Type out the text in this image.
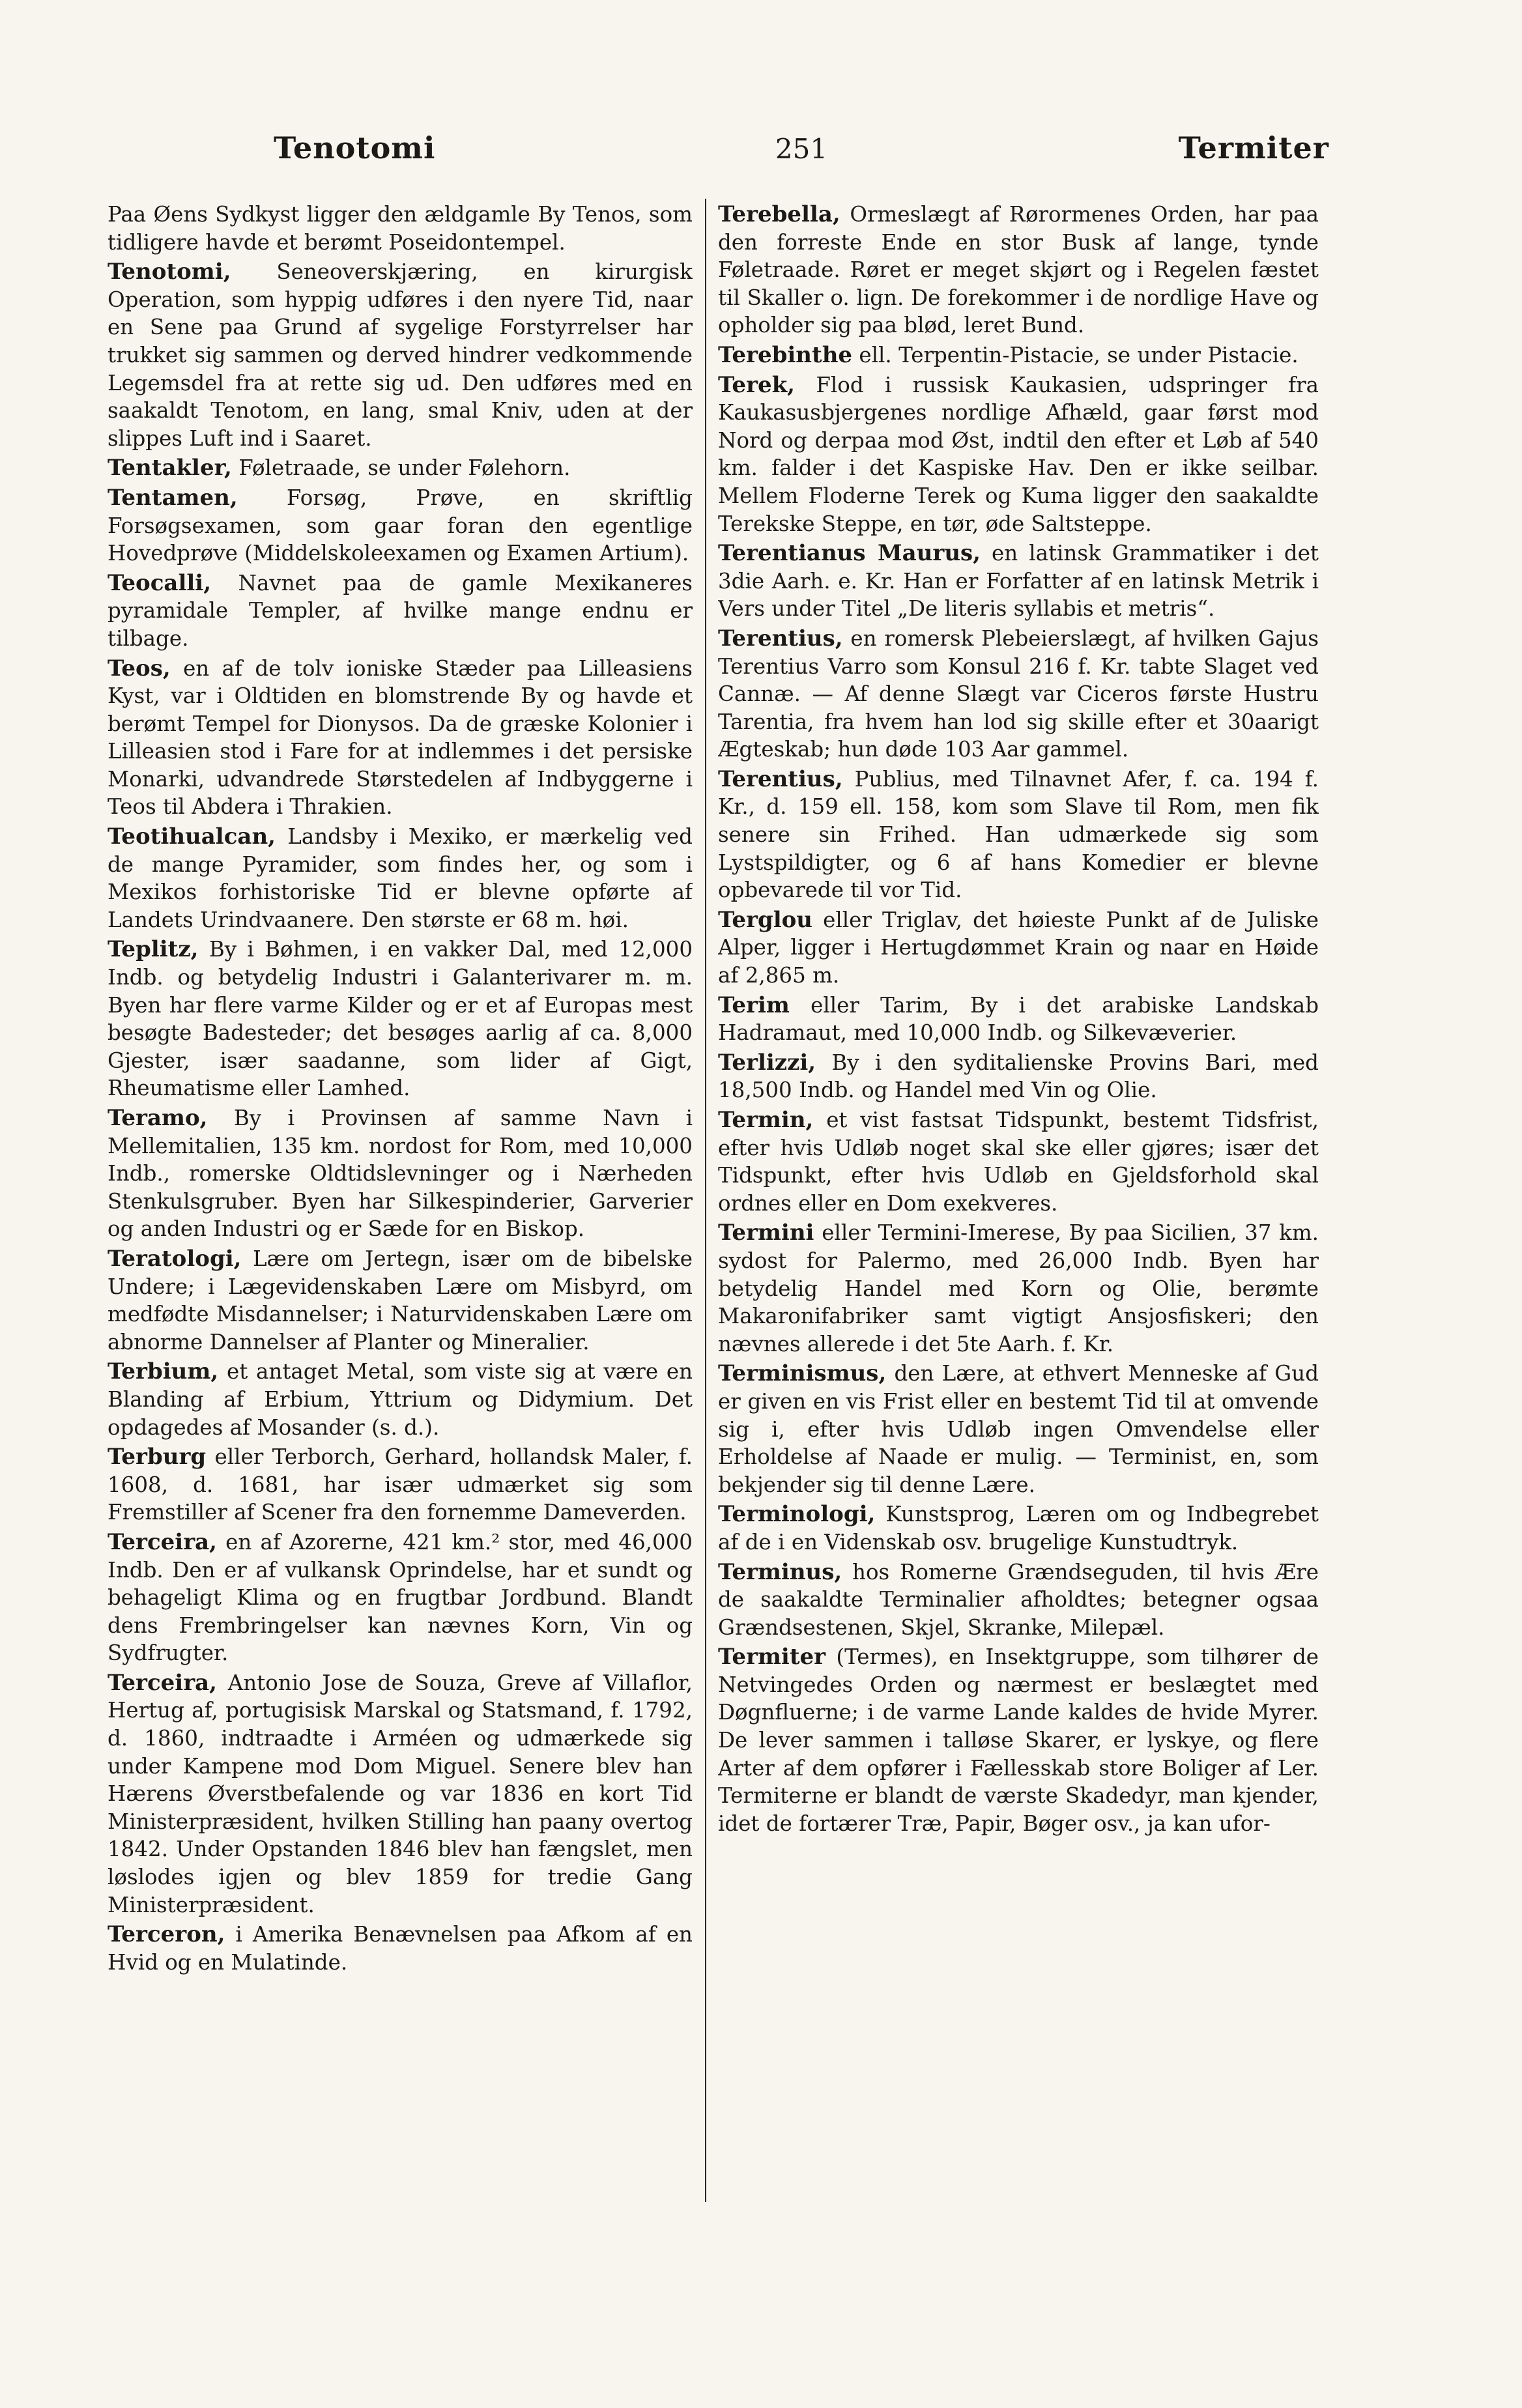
Tenotomi	251	Termiter

Paa Øens Sydkyst ligger den ældgamle By Tenos, som tidligere havde et berømt Poseidontempel.

Tenotomi, Seneoverskjæring, en kirurgisk Operation, som hyppig udføres i den nyere Tid, naar en Sene paa Grund af sygelige Forstyrrelser har trukket sig sammen og derved hindrer vedkommende Legemsdel fra at rette sig ud. Den udføres med en saakaldt Tenotom, en lang, smal Kniv, uden at der slippes Luft ind i Saaret.

Tentakler, Føletraade, se under Følehorn.

Tentamen, Forsøg, Prøve, en skriftlig Forsøgsexamen, som gaar foran den egentlige Hovedprøve (Middelskoleexamen og Examen Artium).

Teocalli, Navnet paa de gamle Mexikaneres pyramidale Templer, af hvilke mange endnu er tilbage.

Teos, en af de tolv ioniske Stæder paa Lilleasiens Kyst, var i Oldtiden en blomstrende By og havde et berømt Tempel for Dionysos. Da de græske Kolonier i Lilleasien stod i Fare for at indlemmes i det persiske Monarki, udvandrede Størstedelen af Indbyggerne i Teos til Abdera i Thrakien.

Teotihualcan, Landsby i Mexiko, er mærkelig ved de mange Pyramider, som findes her, og som i Mexikos forhistoriske Tid er blevne opførte af Landets Urindvaanere. Den største er 68 m. høi.

Teplitz, By i Bøhmen, i en vakker Dal, med 12,000 Indb. og betydelig Industri i Galanterivarer m. m. Byen har flere varme Kilder og er et af Europas mest besøgte Badesteder; det besøges aarlig af ca. 8,000 Gjester, især saadanne, som lider af Gigt, Rheumatisme eller Lamhed.

Teramo, By i Provinsen af samme Navn i Mellemitalien, 135 km. nordost for Rom, med 10,000 Indb., romerske Oldtidslevninger og i Nærheden Stenkulsgruber. Byen har Silkespinderier, Garverier og anden Industri og er Sæde for en Biskop.

Teratologi, Lære om Jertegn, især om de bibelske Undere; i Lægevidenskaben Lære om Misbyrd, om medfødte Misdannelser; i Naturvidenskaben Lære om abnorme Dannelser af Planter og Mineralier.

Terbium, et antaget Metal, som viste sig at være en Blanding af Erbium, Yttrium og Didymium. Det opdagedes af Mosander (s. d.).

Terburg eller Terborch, Gerhard, hollandsk Maler, f. 1608, d. 1681, har især udmærket sig som Fremstiller af Scener fra den fornemme Dameverden.

Terceira, en af Azorerne, 421 km.² stor, med 46,000 Indb. Den er af vulkansk Oprindelse, har et sundt og behageligt Klima og en frugtbar Jordbund. Blandt dens Frembringelser kan nævnes Korn, Vin og Sydfrugter.

Terceira, Antonio Jose de Souza, Greve af Villaflor, Hertug af, portugisisk Marskal og Statsmand, f. 1792, d. 1860, indtraadte i Arméen og udmærkede sig under Kampene mod Dom Miguel. Senere blev han Hærens Øverstbefalende og var 1836 en kort Tid Ministerpræsident, hvilken Stilling han paany overtog 1842. Under Opstanden 1846 blev han fængslet, men løslodes igjen og blev 1859 for tredie Gang Ministerpræsident.

Terceron, i Amerika Benævnelsen paa Afkom af en Hvid og en Mulatinde.

Terebella, Ormeslægt af Rørormenes Orden, har paa den forreste Ende en stor Busk af lange, tynde Føletraade. Røret er meget skjørt og i Regelen fæstet til Skaller o. lign. De forekommer i de nordlige Have og opholder sig paa blød, leret Bund.

Terebinthe ell. Terpentin-Pistacie, se under Pistacie.

Terek, Flod i russisk Kaukasien, udspringer fra Kaukasusbjergenes nordlige Afhæld, gaar først mod Nord og derpaa mod Øst, indtil den efter et Løb af 540 km. falder i det Kaspiske Hav. Den er ikke seilbar. Mellem Floderne Terek og Kuma ligger den saakaldte Terekske Steppe, en tør, øde Saltsteppe.

Terentianus Maurus, en latinsk Grammatiker i det 3die Aarh. e. Kr. Han er Forfatter af en latinsk Metrik i Vers under Titel „De literis syllabis et metris“.

Terentius, en romersk Plebeierslægt, af hvilken Gajus Terentius Varro som Konsul 216 f. Kr. tabte Slaget ved Cannæ. — Af denne Slægt var Ciceros første Hustru Tarentia, fra hvem han lod sig skille efter et 30aarigt Ægteskab; hun døde 103 Aar gammel.

Terentius, Publius, med Tilnavnet Afer, f. ca. 194 f. Kr., d. 159 ell. 158, kom som Slave til Rom, men fik senere sin Frihed. Han udmærkede sig som Lystspildigter, og 6 af hans Komedier er blevne opbevarede til vor Tid.

Terglou eller Triglav, det høieste Punkt af de Juliske Alper, ligger i Hertugdømmet Krain og naar en Høide af 2,865 m.

Terim eller Tarim, By i det arabiske Landskab Hadramaut, med 10,000 Indb. og Silkevæverier.

Terlizzi, By i den syditalienske Provins Bari, med 18,500 Indb. og Handel med Vin og Olie.

Termin, et vist fastsat Tidspunkt, bestemt Tidsfrist, efter hvis Udløb noget skal ske eller gjøres; især det Tidspunkt, efter hvis Udløb en Gjeldsforhold skal ordnes eller en Dom exekveres.

Termini eller Termini-Imerese, By paa Sicilien, 37 km. sydost for Palermo, med 26,000 Indb. Byen har betydelig Handel med Korn og Olie, berømte Makaronifabriker samt vigtigt Ansjosfiskeri; den nævnes allerede i det 5te Aarh. f. Kr.

Terminismus, den Lære, at ethvert Menneske af Gud er given en vis Frist eller en bestemt Tid til at omvende sig i, efter hvis Udløb ingen Omvendelse eller Erholdelse af Naade er mulig. — Terminist, en, som bekjender sig til denne Lære.

Terminologi, Kunstsprog, Læren om og Indbegrebet af de i en Videnskab osv. brugelige Kunstudtryk.

Terminus, hos Romerne Grændseguden, til hvis Ære de saakaldte Terminalier afholdtes; betegner ogsaa Grændsestenen, Skjel, Skranke, Milepæl.

Termiter (Termes), en Insektgruppe, som tilhører de Netvingedes Orden og nærmest er beslægtet med Døgnfluerne; i de varme Lande kaldes de hvide Myrer. De lever sammen i talløse Skarer, er lyskye, og flere Arter af dem opfører i Fællesskab store Boliger af Ler. Termiterne er blandt de værste Skadedyr, man kjender, idet de fortærer Træ, Papir, Bøger osv., ja kan ufor-
